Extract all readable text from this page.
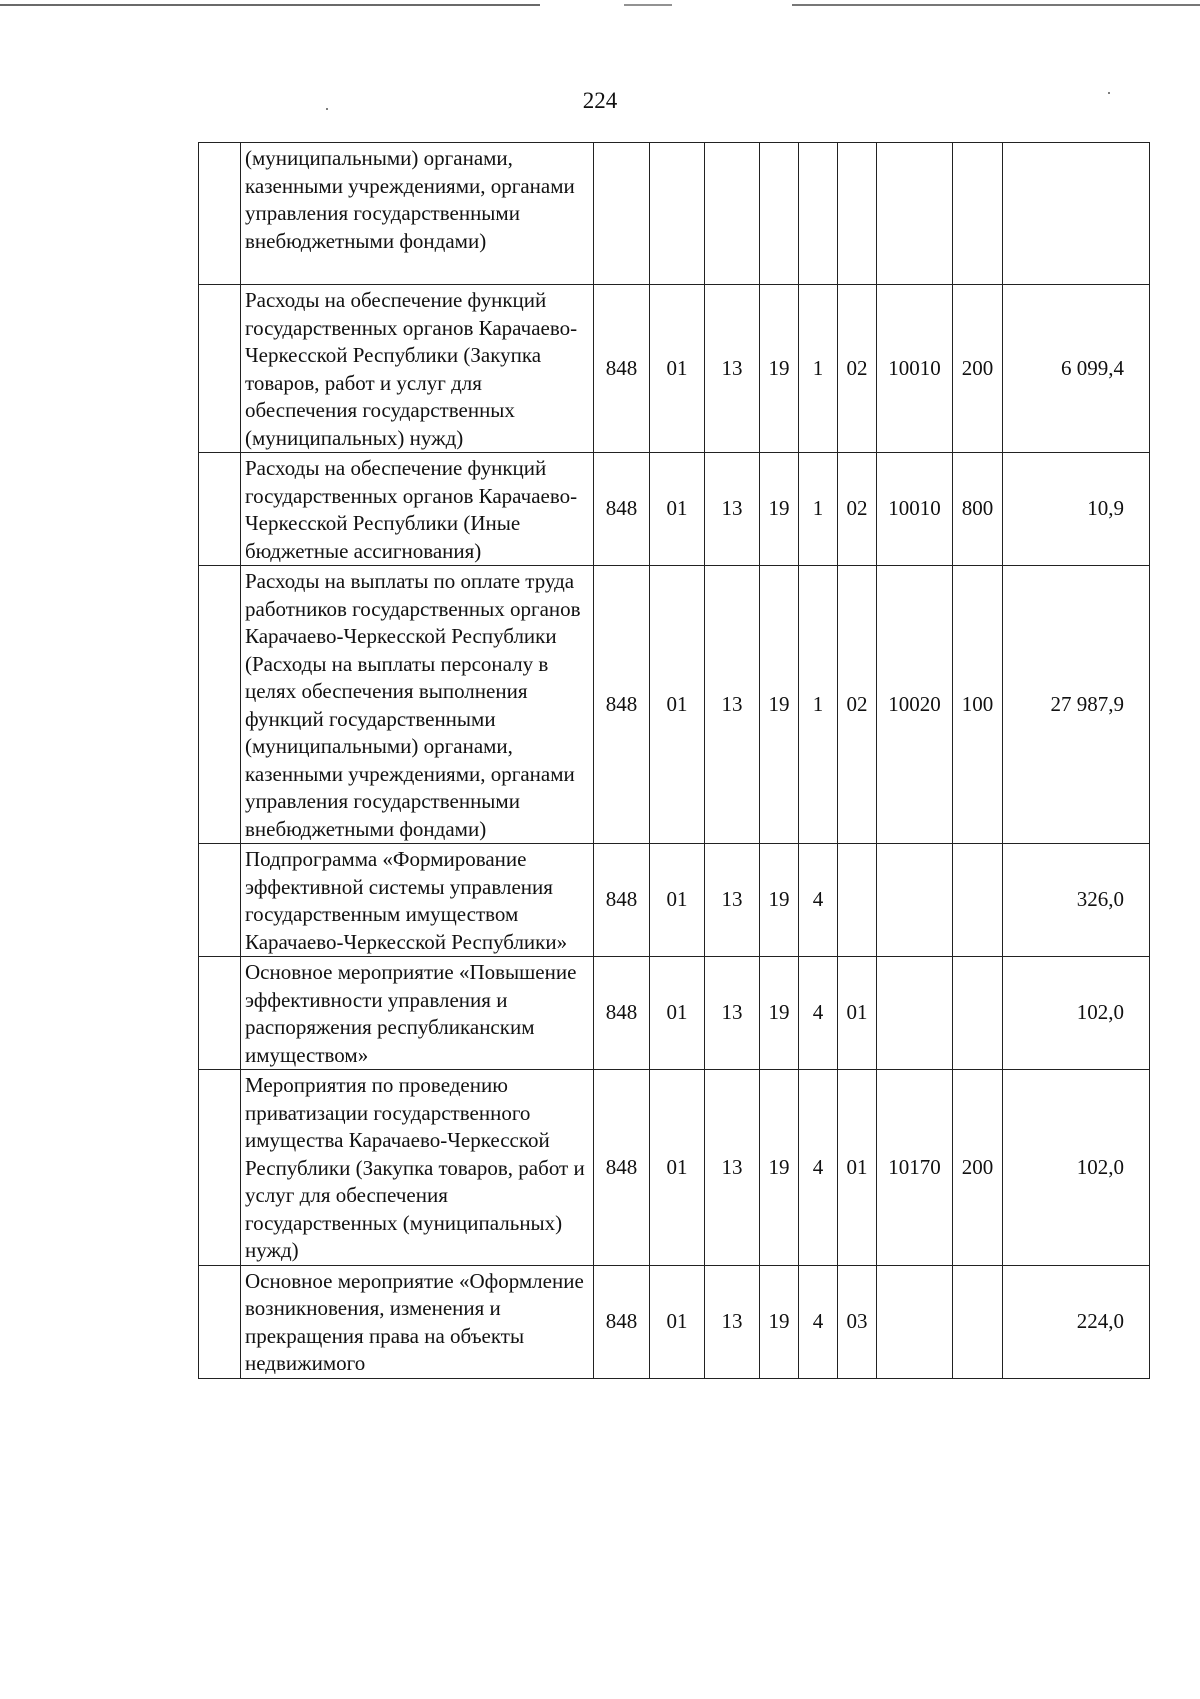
224
	(муниципальными) органами, казенными учреждениями, органами управления государственными внебюджетными фондами)									
	Расходы на обеспечение функций государственных органов Карачаево-Черкесской Республики (Закупка товаров, работ и услуг для обеспечения государственных (муниципальных) нужд)	848	01	13	19	1	02	10010	200	6 099,4
	Расходы на обеспечение функций государственных органов Карачаево-Черкесской Республики (Иные бюджетные ассигнования)	848	01	13	19	1	02	10010	800	10,9
	Расходы на выплаты по оплате труда работников государственных органов Карачаево-Черкесской Республики (Расходы на выплаты персоналу в целях обеспечения выполнения функций государственными (муниципальными) органами, казенными учреждениями, органами управления государственными внебюджетными фондами)	848	01	13	19	1	02	10020	100	27 987,9
	Подпрограмма «Формирование эффективной системы управления государственным имуществом Карачаево-Черкесской Республики»	848	01	13	19	4				326,0
	Основное мероприятие «Повышение эффективности управления и распоряжения республиканским имуществом»	848	01	13	19	4	01			102,0
	Мероприятия по проведению приватизации государственного имущества Карачаево-Черкесской Республики (Закупка товаров, работ и услуг для обеспечения государственных (муниципальных) нужд)	848	01	13	19	4	01	10170	200	102,0
	Основное мероприятие «Оформление возникновения, изменения и прекращения права на объекты недвижимого	848	01	13	19	4	03			224,0
